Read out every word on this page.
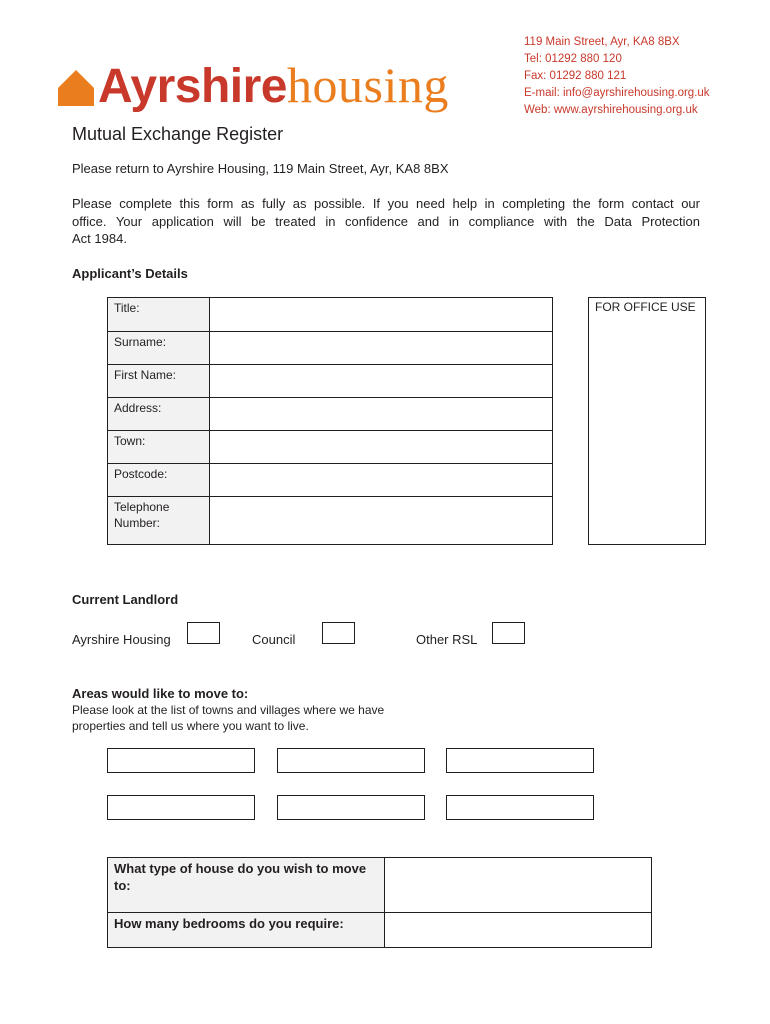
Ayrshirehousing
119 Main Street, Ayr, KA8 8BX
Tel: 01292 880 120
Fax: 01292 880 121
E-mail: info@ayrshirehousing.org.uk
Web: www.ayrshirehousing.org.uk
Mutual Exchange Register
Please return to Ayrshire Housing, 119 Main Street, Ayr, KA8 8BX
Please complete this form as fully as possible. If you need help in completing the form contact our
office. Your application will be treated in confidence and in compliance with the Data Protection
Act 1984.
Applicant’s Details
Title:
Surname:
First Name:
Address:
Town:
Postcode:
Telephone Number:
FOR OFFICE USE
Current Landlord
Ayrshire Housing	Council	Other RSL
Areas would like to move to:
Please look at the list of towns and villages where we have
properties and tell us where you want to live.
What type of house do you wish to move to:
How many bedrooms do you require:
